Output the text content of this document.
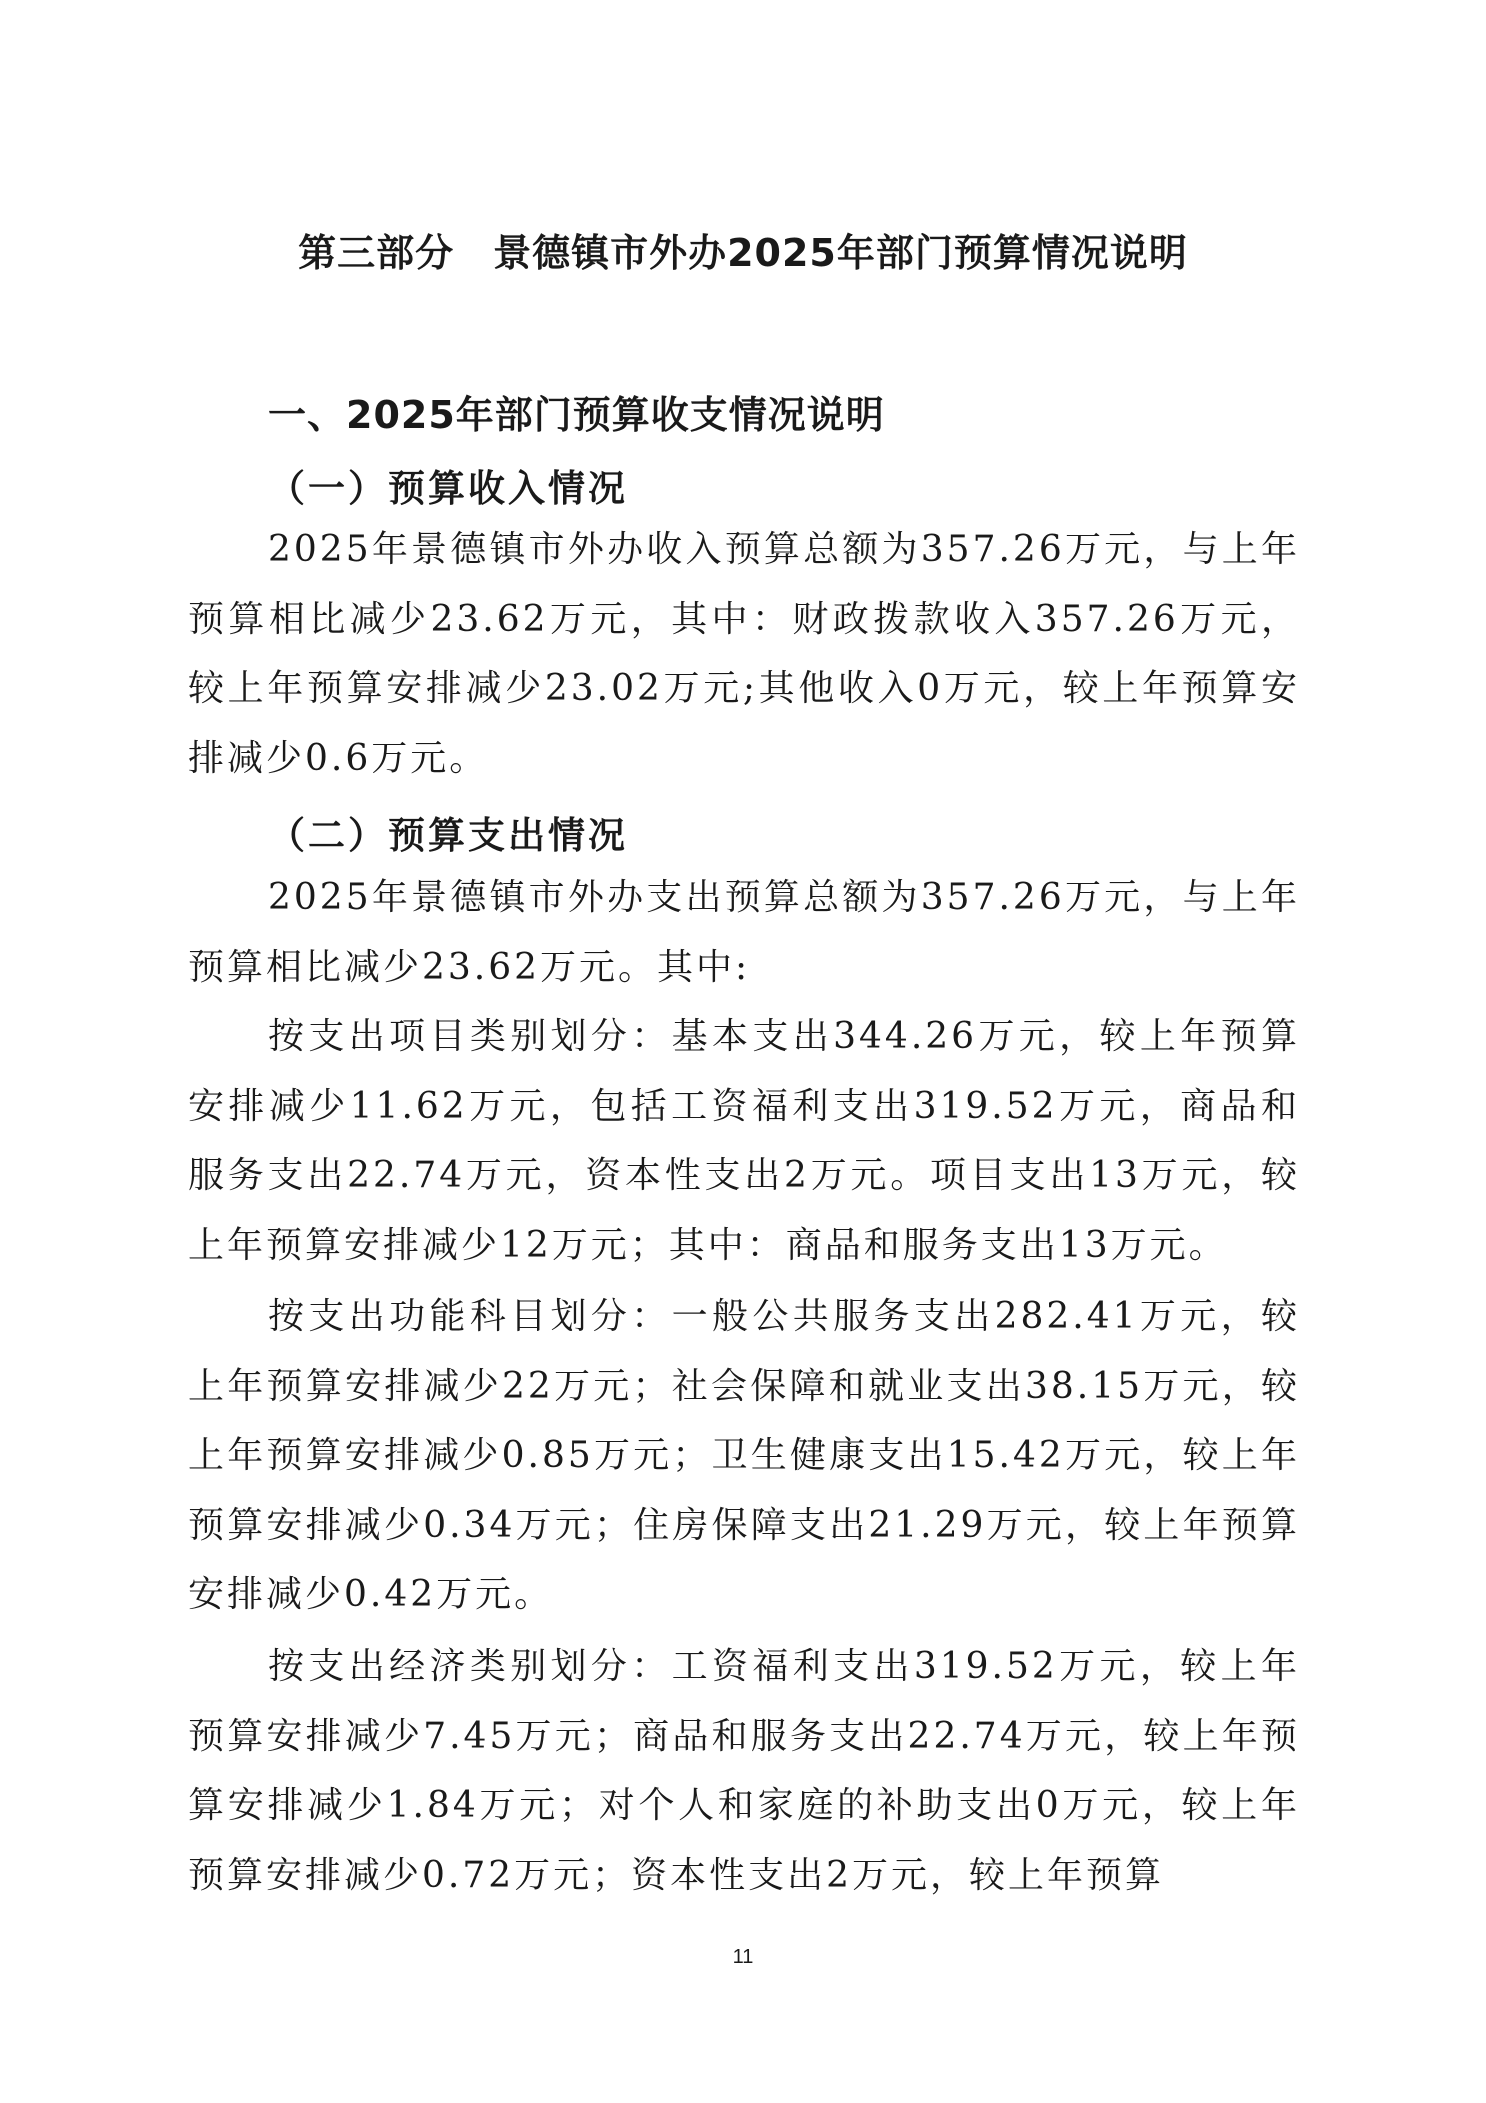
第三部分　景德镇市外办2025年部门预算情况说明
一、2025年部门预算收支情况说明
（一）预算收入情况

2025年景德镇市外办收入预算总额为357.26万元，与上年预算相比减少23.62万元，其中：财政拨款收入357.26万元，较上年预算安排减少23.02万元;其他收入0万元，较上年预算安排减少0.6万元。

（二）预算支出情况

2025年景德镇市外办支出预算总额为357.26万元，与上年预算相比减少23.62万元。其中:

按支出项目类别划分：基本支出344.26万元，较上年预算安排减少11.62万元，包括工资福利支出319.52万元，商品和服务支出22.74万元，资本性支出2万元。项目支出13万元，较上年预算安排减少12万元；其中：商品和服务支出13万元。

按支出功能科目划分：一般公共服务支出282.41万元，较上年预算安排减少22万元；社会保障和就业支出38.15万元，较上年预算安排减少0.85万元；卫生健康支出15.42万元，较上年预算安排减少0.34万元；住房保障支出21.29万元，较上年预算安排减少0.42万元。

按支出经济类别划分：工资福利支出319.52万元，较上年预算安排减少7.45万元；商品和服务支出22.74万元，较上年预算安排减少1.84万元；对个人和家庭的补助支出0万元，较上年预算安排减少0.72万元；资本性支出2万元，较上年预算

11
